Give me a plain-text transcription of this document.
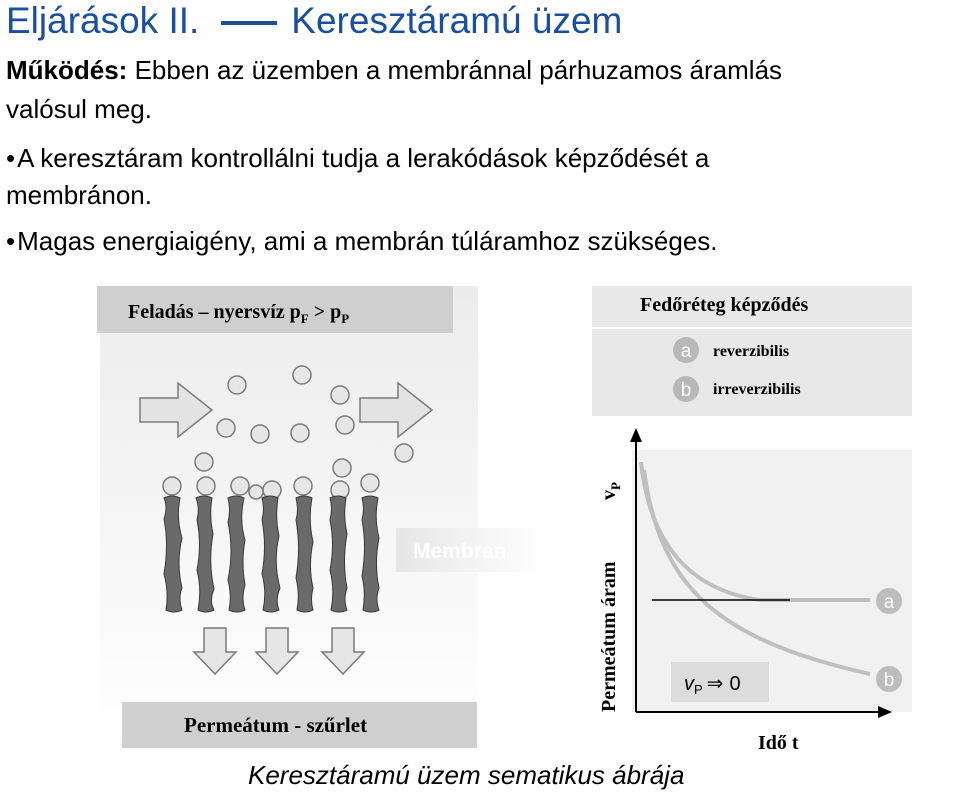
Eljárások II. Keresztáramú üzem
Működés: Ebben az üzemben a membránnal párhuzamos áramlás
valósul meg.
•A keresztáram kontrollálni tudja a lerakódások képződését a
membránon.
•Magas energiaigény, ami a membrán túláramhoz szükséges.
Feladás – nyersvíz $p_F > p_P$
Membran
Permeátum - szűrlet
Fedőréteg képződés
a reverzibilis
b irreverzibilis
Permeátum áram
$v_P$
a
b
$v_P$ ⇒ 0
Idő t
Keresztáramú üzem sematikus ábrája
